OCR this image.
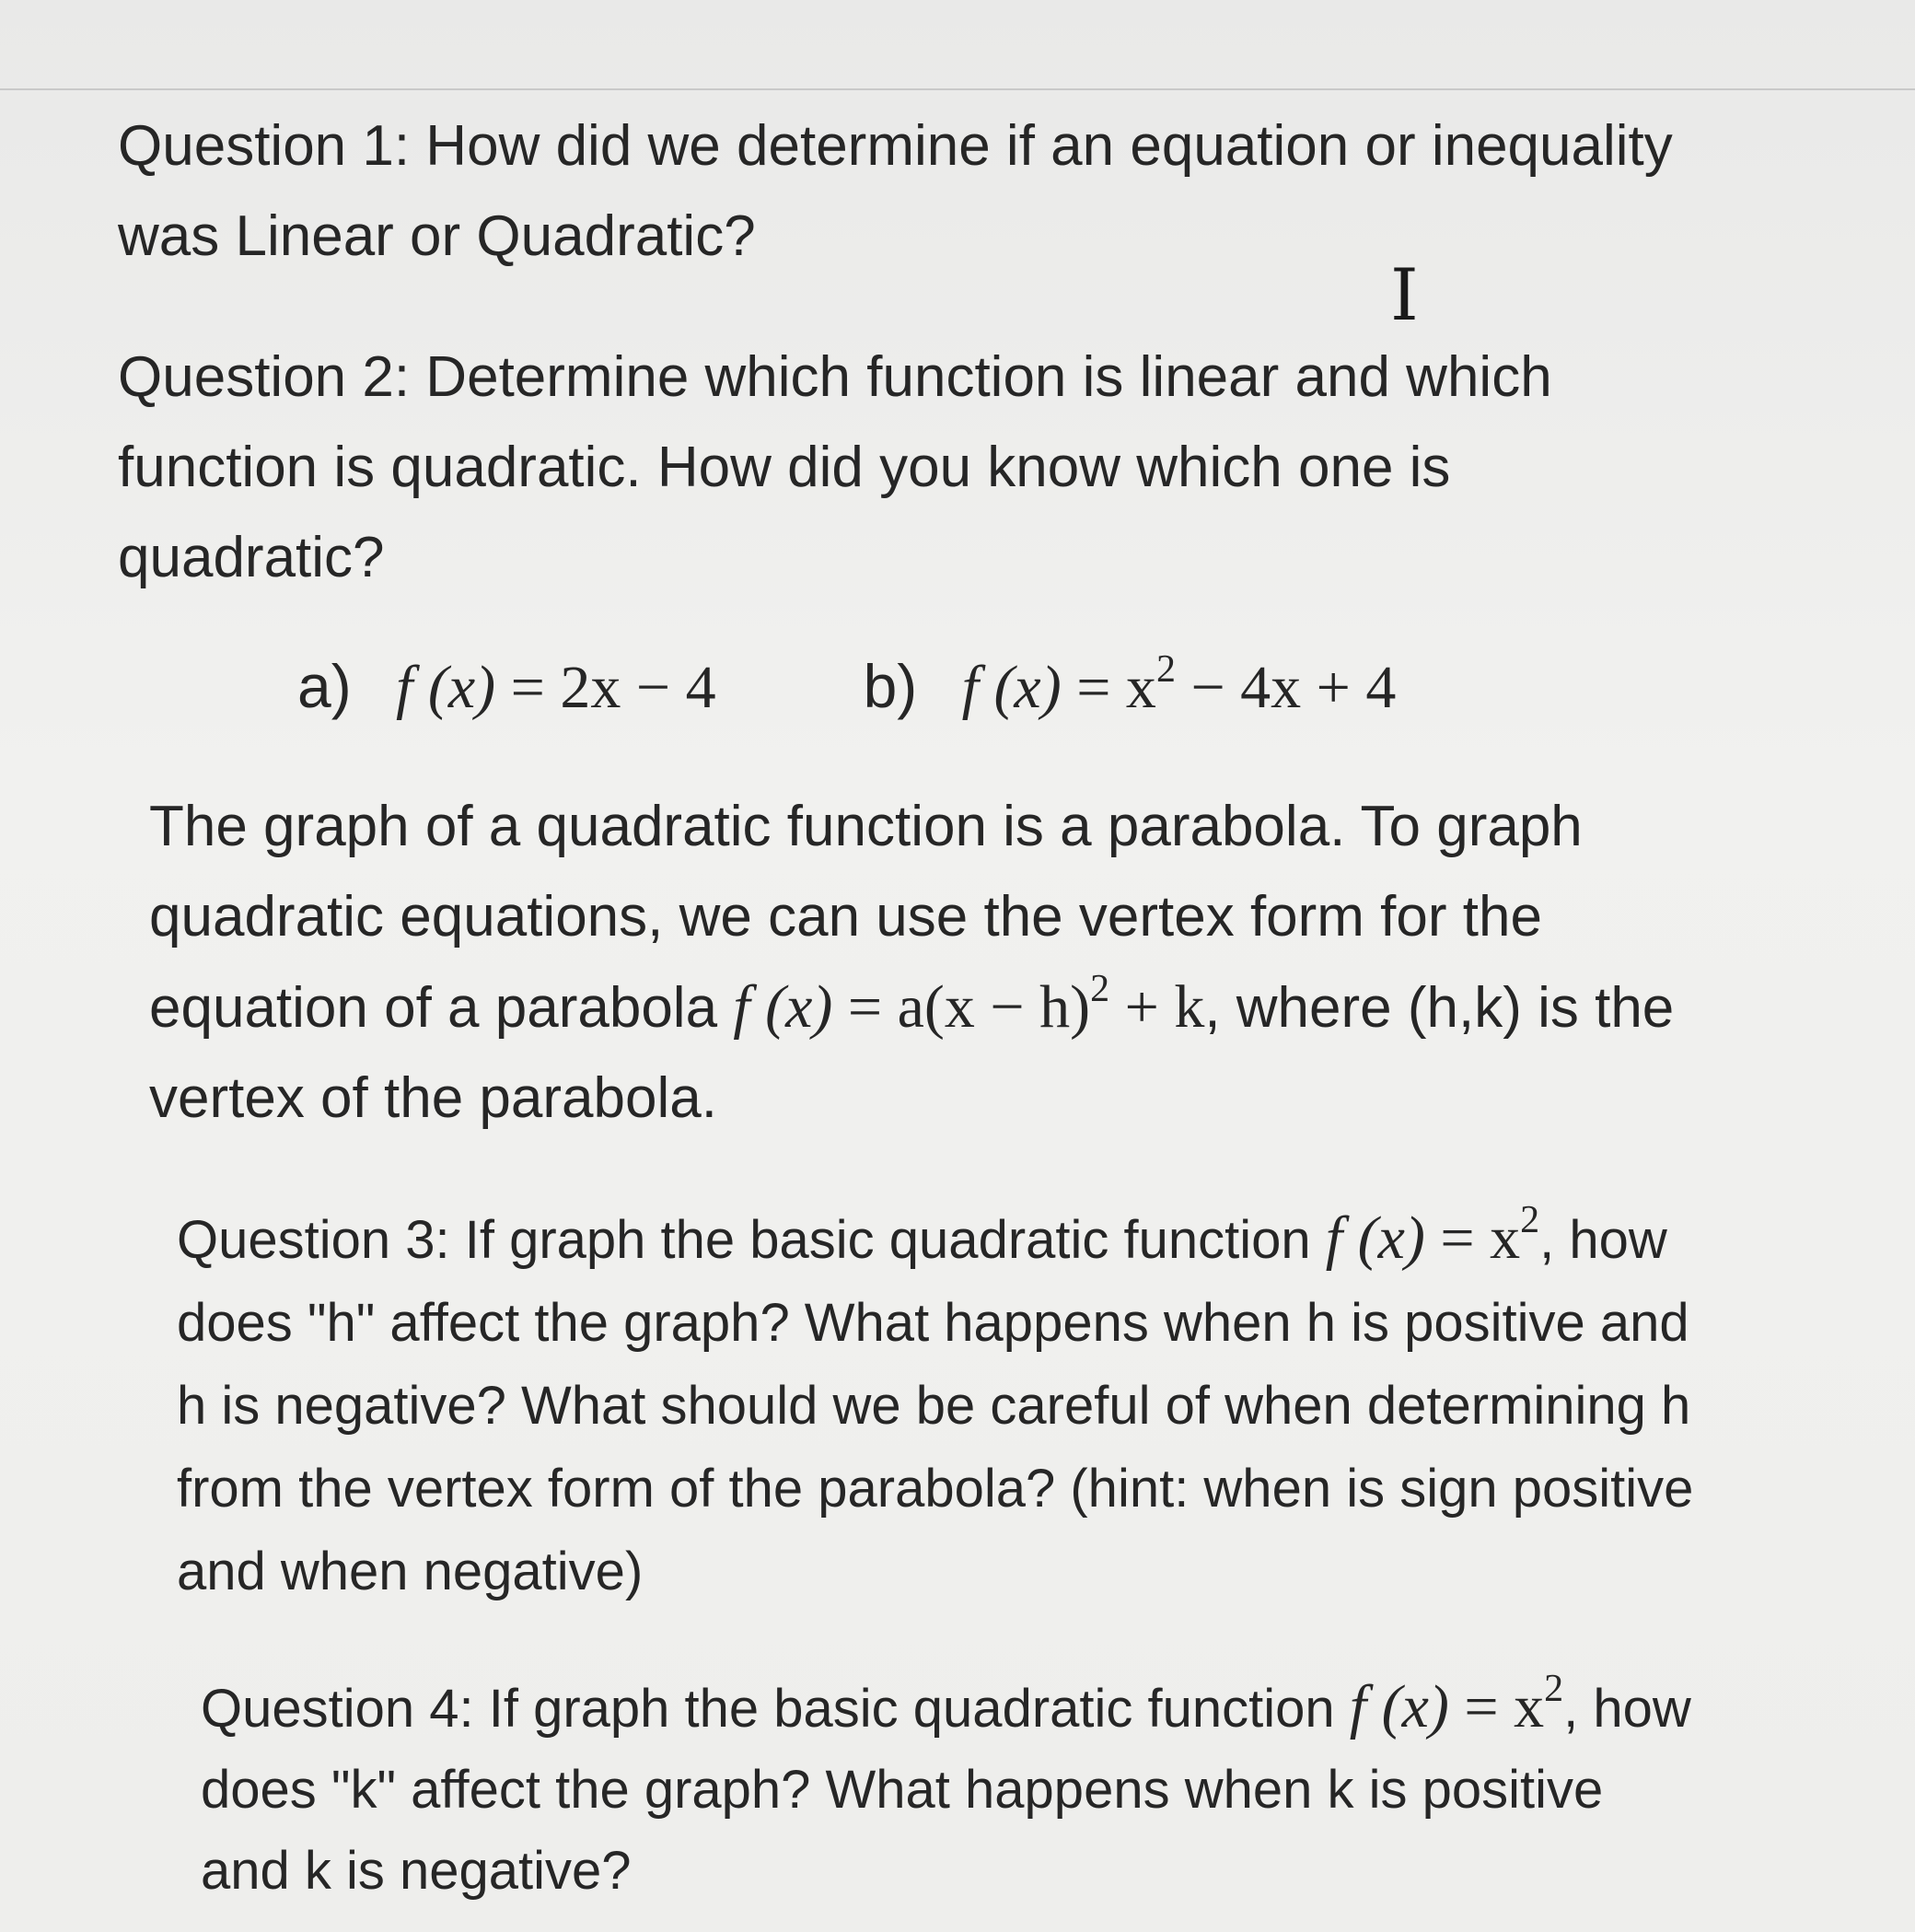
Question 1: How did we determine if an equation or inequality was Linear or Quadratic?

Question 2: Determine which function is linear and which function is quadratic. How did you know which one is quadratic?

a) f (x) = 2x − 4 b) f $(x) = x^2 - 4x + 4$

The graph of a quadratic function is a parabola. To graph quadratic equations, we can use the vertex form for the equation of a parabola f $(x) = a(x - h)^2 + k$, where (h,k) is the vertex of the parabola.

Question 3: If graph the basic quadratic function f $(x) = x^2$, how does "h" affect the graph? What happens when h is positive and h is negative? What should we be careful of when determining h from the vertex form of the parabola? (hint: when is sign positive and when negative)

Question 4: If graph the basic quadratic function f $(x) = x^2$, how does "k" affect the graph? What happens when k is positive and k is negative?

I
